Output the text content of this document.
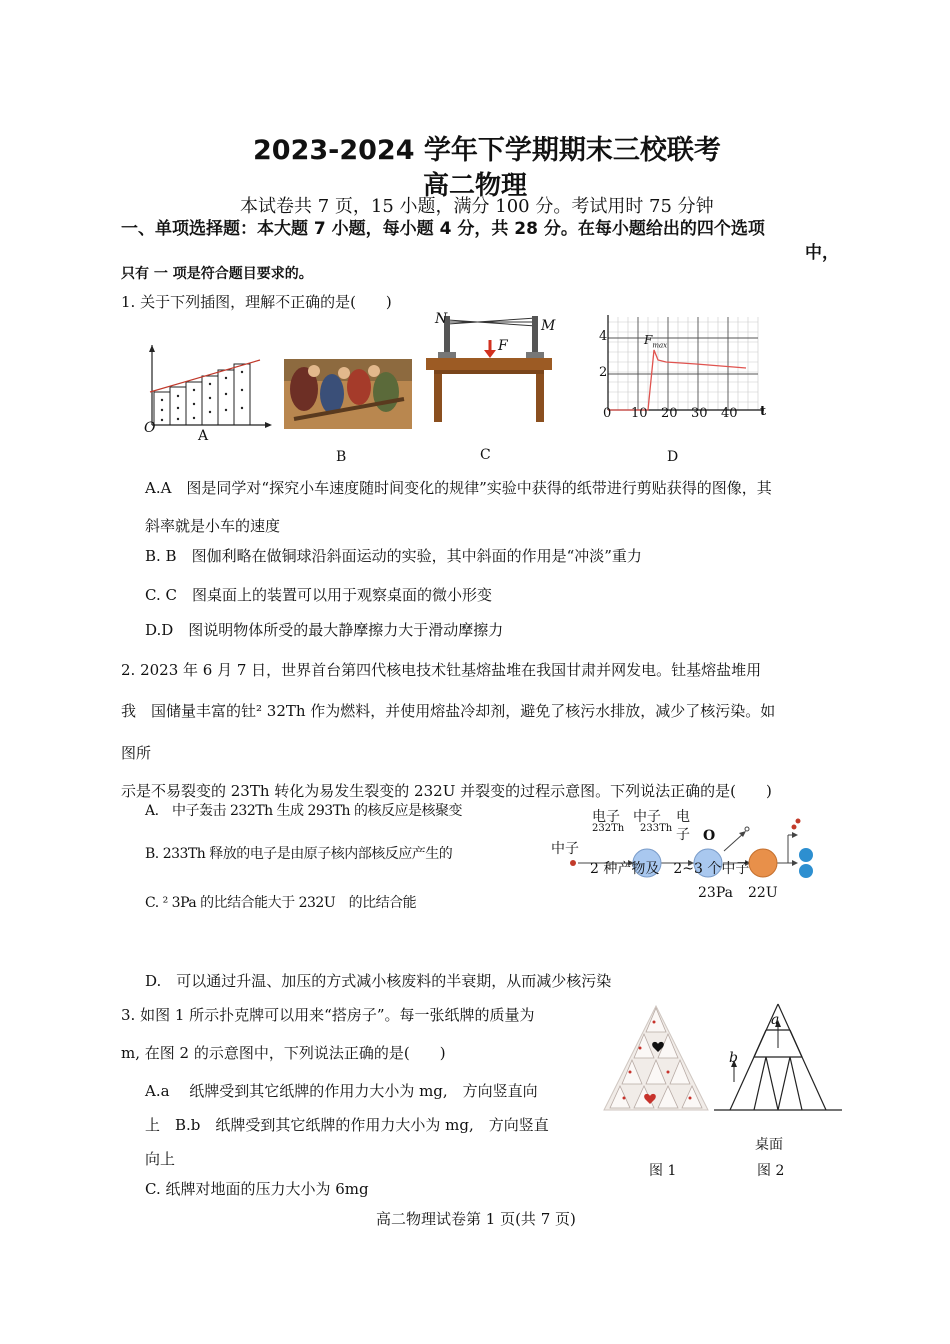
2023-2024 学年下学期期末三校联考
高二物理
本试卷共 7 页，15 小题，满分 100 分。考试用时 75 分钟
一、单项选择题：本大题 7 小题，每小题 4 分，共 28 分。在每小题给出的四个选项
中，
只有 一 项是符合题目要求的。
1. 关于下列插图，理解不正确的是(　　)
O	A
B
N	M
F
C
4
2
0 10 20 30 40 t
$F_{max}$
D
A.A　图是同学对“探究小车速度随时间变化的规律”实验中获得的纸带进行剪贴获得的图像，其
斜率就是小车的速度
B. B　图伽利略在做铜球沿斜面运动的实验，其中斜面的作用是“冲淡”重力
C. C　图桌面上的装置可以用于观察桌面的微小形变
D.D　图说明物体所受的最大静摩擦力大于滑动摩擦力
2. 2023 年 6 月 7 日，世界首台第四代核电技术钍基熔盐堆在我国甘肃并网发电。钍基熔盐堆用
我　国储量丰富的钍² 32Th 作为燃料，并使用熔盐冷却剂，避免了核污水排放，减少了核污染。如
图所
示是不易裂变的 23Th 转化为易发生裂变的 232U 并裂变的过程示意图。下列说法正确的是(　　)
A.　中子轰击 232Th 生成 293Th 的核反应是核聚变
B. 233Th 释放的电子是由原子核内部核反应产生的
C. ² 3Pa 的比结合能大于 232U　的比结合能
D.　可以通过升温、加压的方式减小核废料的半衰期，从而减少核污染
电子 中子 电
232Th 233Th 子 O
中子
2 种产物及　2~3 个中子
23Pa 22U
3. 如图 1 所示扑克牌可以用来“搭房子”。每一张纸牌的质量为
m, 在图 2 的示意图中，下列说法正确的是(　　)
A.a　 纸牌受到其它纸牌的作用力大小为 mg,　方向竖直向
上　B.b　纸牌受到其它纸牌的作用力大小为 mg,　方向竖直
向上
C. 纸牌对地面的压力大小为 6mg
图 1
a
b
桌面
图 2
高二物理试卷第 1 页(共 7 页)
